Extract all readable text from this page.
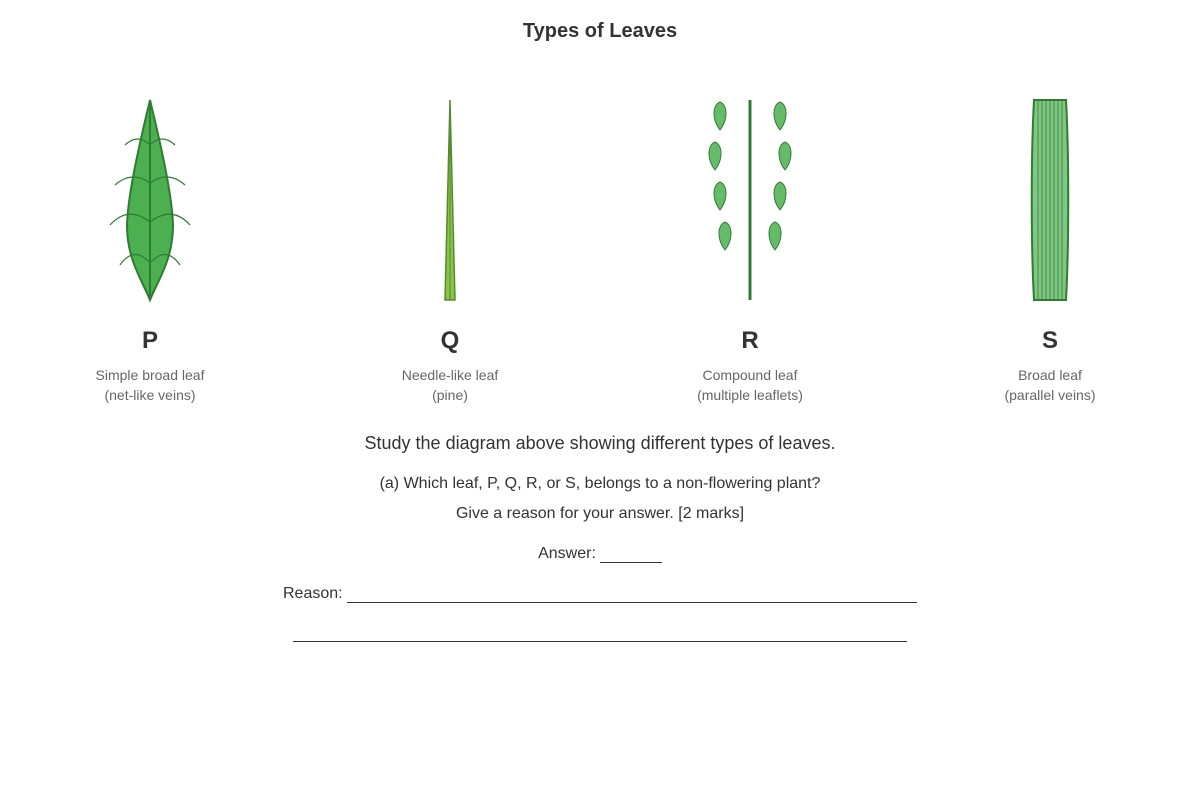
Types of Leaves
P
Simple broad leaf
(net-like veins)
Q
Needle-like leaf
(pine)
R
Compound leaf
(multiple leaflets)
S
Broad leaf
(parallel veins)
Study the diagram above showing different types of leaves.
(a) Which leaf, P, Q, R, or S, belongs to a non-flowering plant?
Give a reason for your answer. [2 marks]
Answer:
Reason:
